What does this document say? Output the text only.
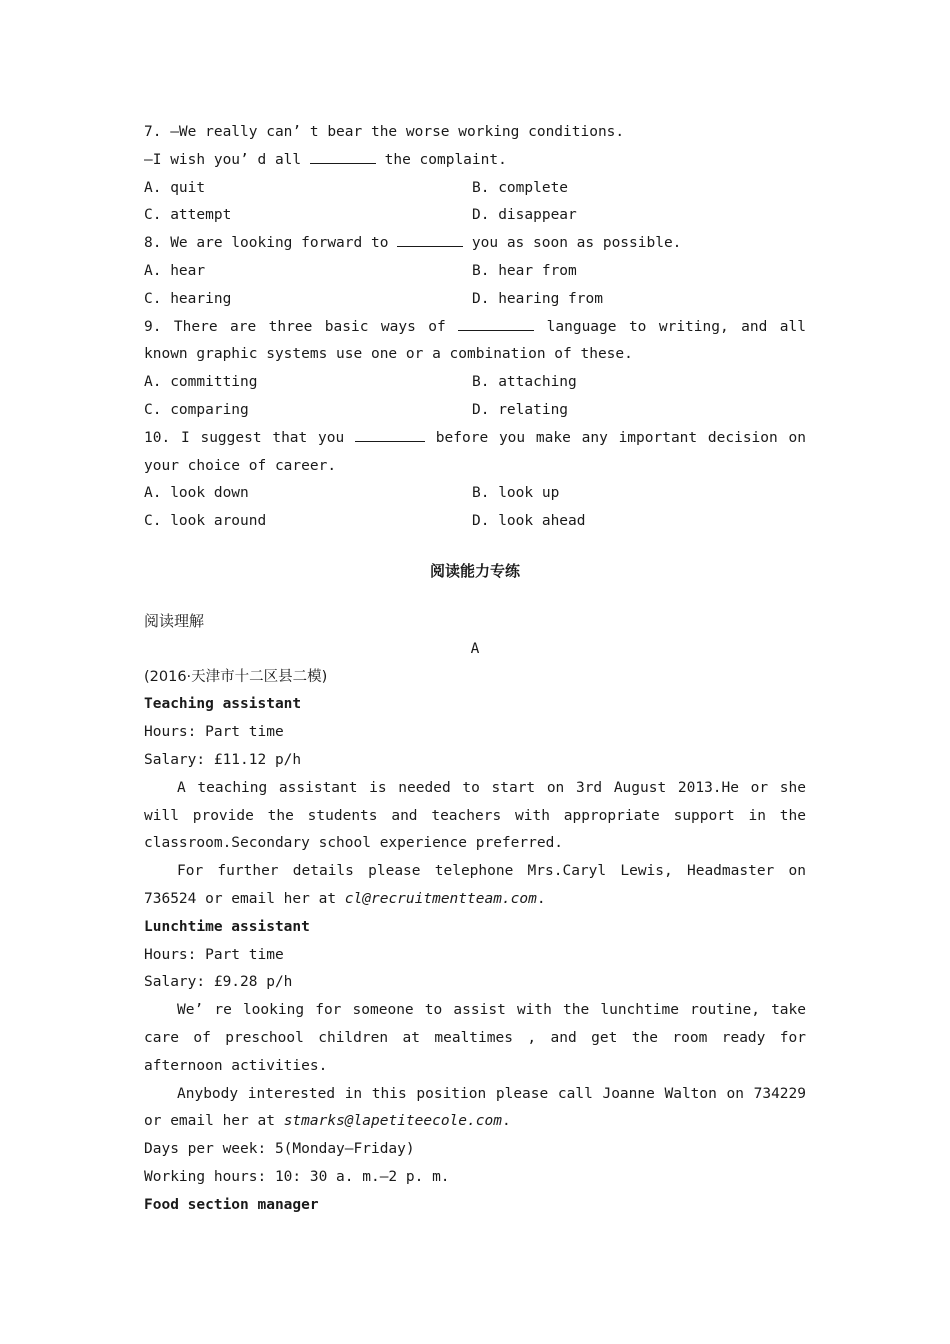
7. —We really can’ t bear the worse working conditions.
—I wish you’ d all	the complaint.
A. quit	B. complete
C. attempt	D. disappear
8. We are looking forward to	you as soon as possible.
A. hear	B. hear from
C. hearing	D. hearing from
9. There are three basic ways of	language to writing, and all known graphic systems use one or a combination of these.
A. committing	B. attaching
C. comparing	D. relating
10. I suggest that you	before you make any important decision on your choice of career.
A. look down	B. look up
C. look around	D. look ahead
阅读能力专练
阅读理解
A
(2016·天津市十二区县二模)
Teaching assistant
Hours: Part time
Salary: £11.12 p/h
A teaching assistant is needed to start on 3rd August 2013.He or she will provide the students and teachers with appropriate support in the classroom.Secondary school experience preferred.
For further details please telephone Mrs.Caryl Lewis, Headmaster on 736524 or email her at cl@recruitmentteam.com.
Lunchtime assistant
Hours: Part time
Salary: £9.28 p/h
We’ re looking for someone to assist with the lunchtime routine, take care of preschool children at mealtimes , and get the room ready for afternoon activities.
Anybody interested in this position please call Joanne Walton on 734229 or email her at stmarks@lapetiteecole.com.
Days per week: 5(Monday—Friday)
Working hours: 10: 30 a. m.—2 p. m.
Food section manager
